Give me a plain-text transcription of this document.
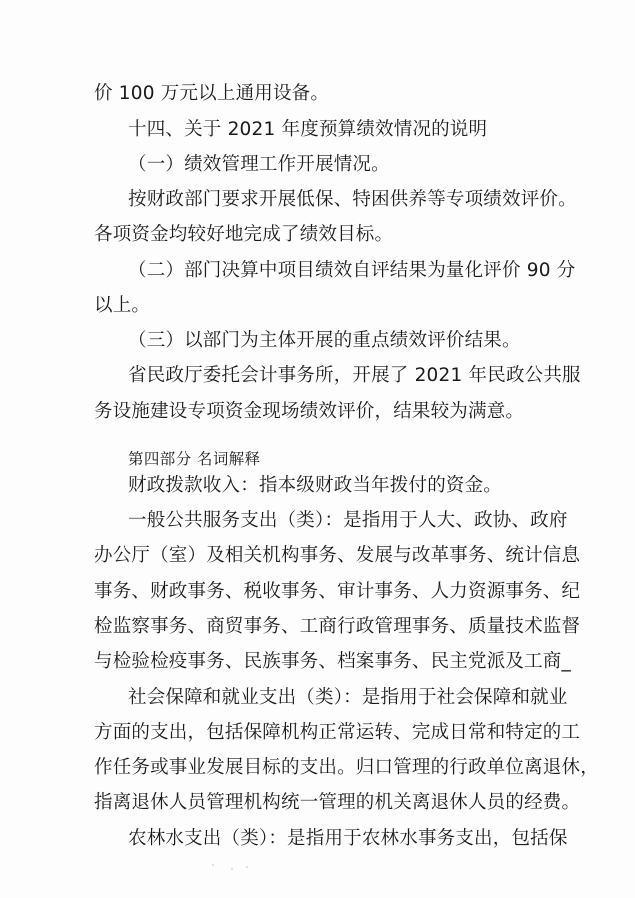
价 100 万元以上通用设备。
十四、关于 2021 年度预算绩效情况的说明
（一）绩效管理工作开展情况。
按财政部门要求开展低保、特困供养等专项绩效评价。
各项资金均较好地完成了绩效目标。
（二）部门决算中项目绩效自评结果为量化评价 90 分
以上。
（三）以部门为主体开展的重点绩效评价结果。
省民政厅委托会计事务所，开展了 2021 年民政公共服
务设施建设专项资金现场绩效评价，结果较为满意。
第四部分 名词解释
财政拨款收入：指本级财政当年拨付的资金。
一般公共服务支出（类）：是指用于人大、政协、政府
办公厅（室）及相关机构事务、发展与改革事务、统计信息
事务、财政事务、税收事务、审计事务、人力资源事务、纪
检监察事务、商贸事务、工商行政管理事务、质量技术监督
与检验检疫事务、民族事务、档案事务、民主党派及工商_
社会保障和就业支出（类）：是指用于社会保障和就业
方面的支出，包括保障机构正常运转、完成日常和特定的工
作任务或事业发展目标的支出。归口管理的行政单位离退休，
指离退休人员管理机构统一管理的机关离退休人员的经费。
农林水支出（类）：是指用于农林水事务支出，包括保
